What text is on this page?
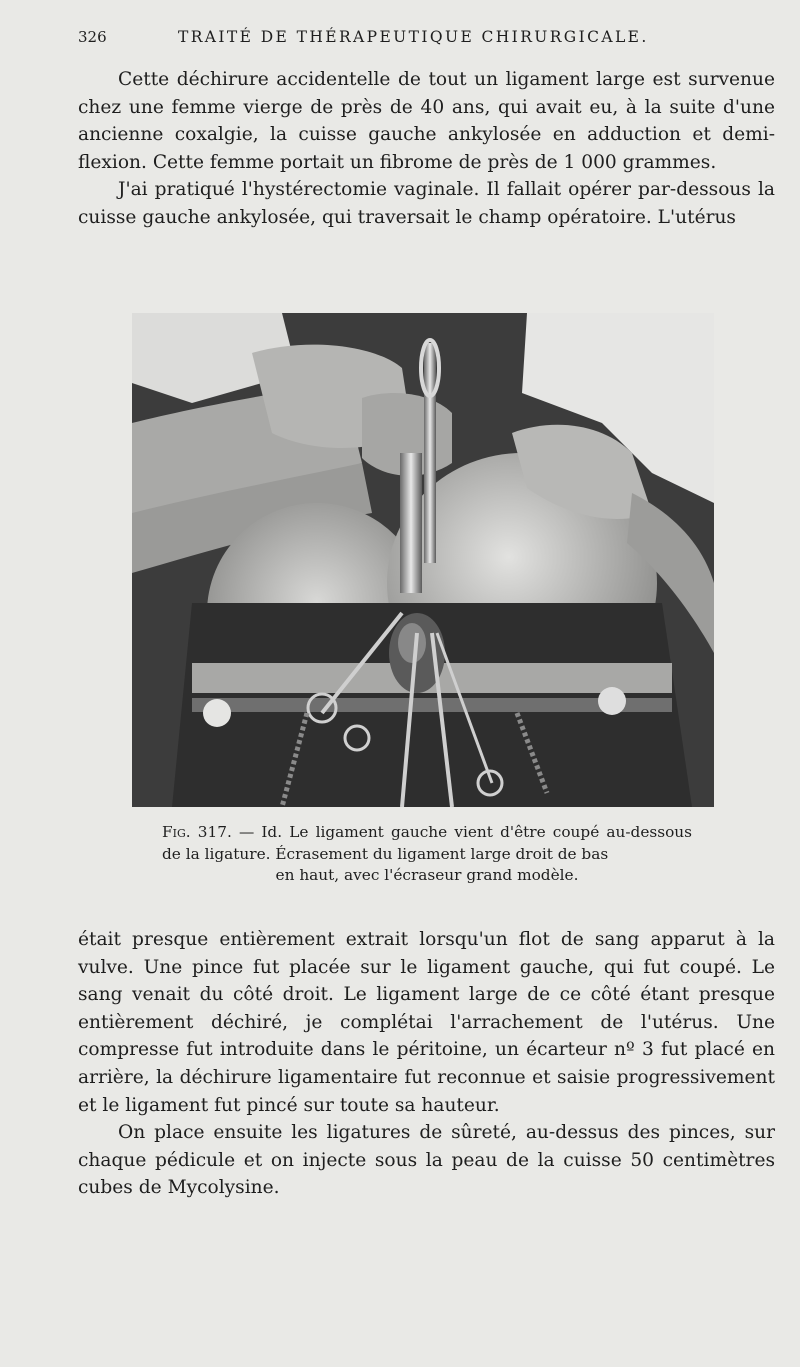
326	TRAITÉ DE THÉRAPEUTIQUE CHIRURGICALE.

Cette déchirure accidentelle de tout un ligament large est survenue chez une femme vierge de près de 40 ans, qui avait eu, à la suite d'une ancienne coxalgie, la cuisse gauche ankylosée en adduction et demi-flexion. Cette femme portait un fibrome de près de 1 000 grammes.

J'ai pratiqué l'hystérectomie vaginale. Il fallait opérer par-dessous la cuisse gauche ankylosée, qui traversait le champ opératoire. L'utérus

Fig. 317. — Id. Le ligament gauche vient d'être coupé au-dessous de la ligature. Écrasement du ligament large droit de bas
en haut, avec l'écraseur grand modèle.

était presque entièrement extrait lorsqu'un flot de sang apparut à la vulve. Une pince fut placée sur le ligament gauche, qui fut coupé. Le sang venait du côté droit. Le ligament large de ce côté étant presque entièrement déchiré, je complétai l'arrachement de l'utérus. Une compresse fut introduite dans le péritoine, un écarteur nº 3 fut placé en arrière, la déchirure ligamentaire fut reconnue et saisie progressivement et le ligament fut pincé sur toute sa hauteur.

On place ensuite les ligatures de sûreté, au-dessus des pinces, sur chaque pédicule et on injecte sous la peau de la cuisse 50 centimètres cubes de Mycolysine.
